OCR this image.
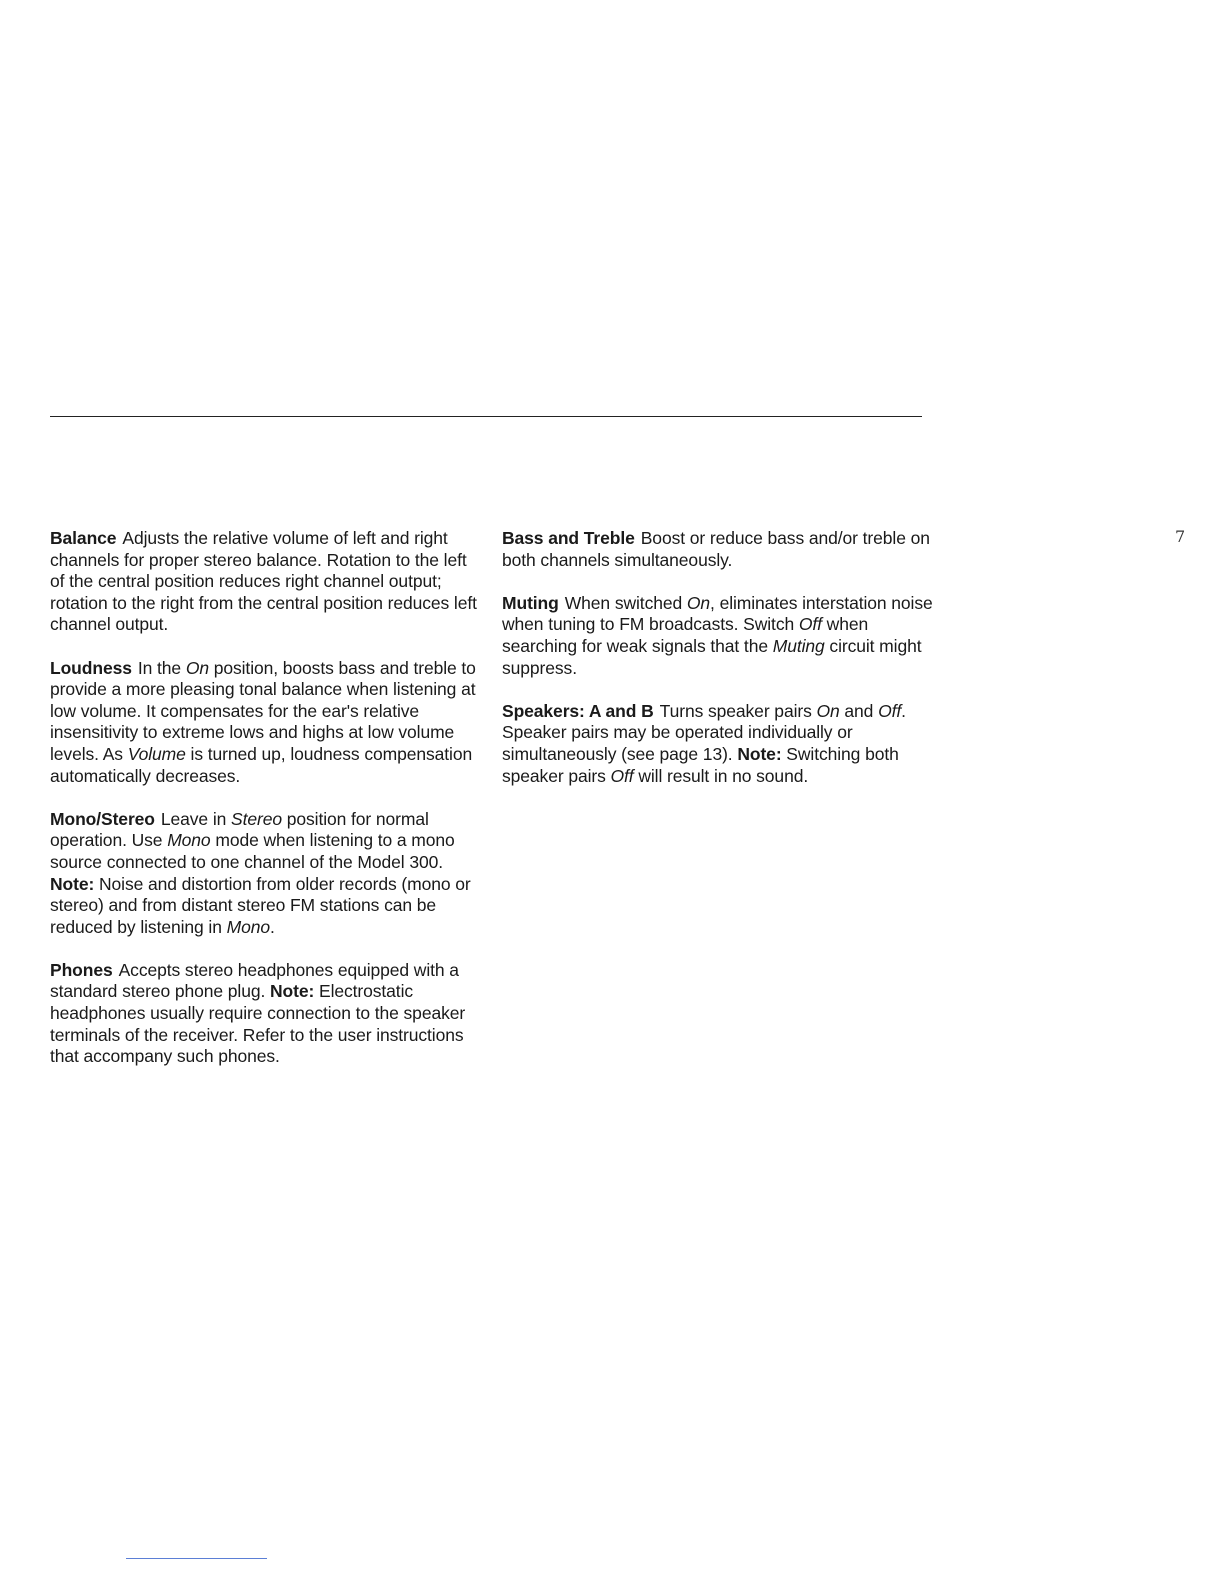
Balance Adjusts the relative volume of left and right channels for proper stereo balance. Rotation to the left of the central position reduces right channel output; rotation to the right from the central position reduces left channel output.

Loudness In the On position, boosts bass and treble to provide a more pleasing tonal balance when listening at low volume. It compensates for the ear's relative insensitivity to extreme lows and highs at low volume levels. As Volume is turned up, loudness compensation automatically decreases.

Mono/Stereo Leave in Stereo position for normal operation. Use Mono mode when listening to a mono source connected to one channel of the Model 300. Note: Noise and distortion from older records (mono or stereo) and from distant stereo FM stations can be reduced by listening in Mono.

Phones Accepts stereo headphones equipped with a standard stereo phone plug. Note: Electrostatic headphones usually require connection to the speaker terminals of the receiver. Refer to the user instructions that accompany such phones.

Bass and Treble Boost or reduce bass and/or treble on both channels simultaneously.

Muting When switched On, eliminates interstation noise when tuning to FM broadcasts. Switch Off when searching for weak signals that the Muting circuit might suppress.

Speakers: A and B Turns speaker pairs On and Off. Speaker pairs may be operated individually or simultaneously (see page 13). Note: Switching both speaker pairs Off will result in no sound.

7
